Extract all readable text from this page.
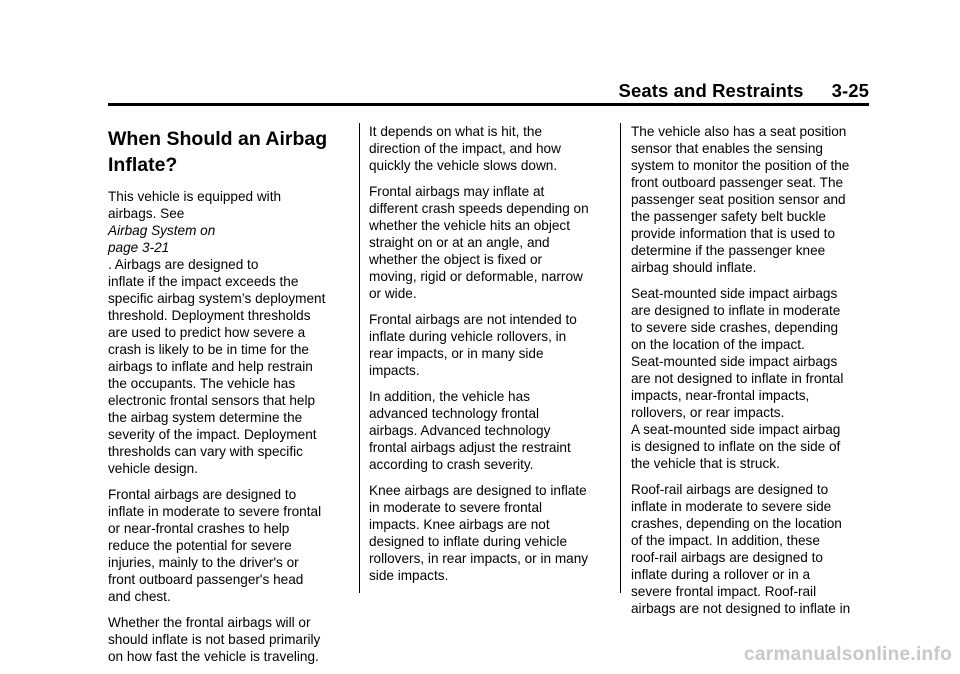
Seats and Restraints 3-25
When Should an Airbag
Inflate?

This vehicle is equipped with
airbags. See
Airbag System on
page 3-21
. Airbags are designed to
inflate if the impact exceeds the
specific airbag system’s deployment
threshold. Deployment thresholds
are used to predict how severe a
crash is likely to be in time for the
airbags to inflate and help restrain
the occupants. The vehicle has
electronic frontal sensors that help
the airbag system determine the
severity of the impact. Deployment
thresholds can vary with specific
vehicle design.

Frontal airbags are designed to
inflate in moderate to severe frontal
or near-frontal crashes to help
reduce the potential for severe
injuries, mainly to the driver's or
front outboard passenger's head
and chest.

Whether the frontal airbags will or
should inflate is not based primarily
on how fast the vehicle is traveling.

It depends on what is hit, the
direction of the impact, and how
quickly the vehicle slows down.

Frontal airbags may inflate at
different crash speeds depending on
whether the vehicle hits an object
straight on or at an angle, and
whether the object is fixed or
moving, rigid or deformable, narrow
or wide.

Frontal airbags are not intended to
inflate during vehicle rollovers, in
rear impacts, or in many side
impacts.

In addition, the vehicle has
advanced technology frontal
airbags. Advanced technology
frontal airbags adjust the restraint
according to crash severity.

Knee airbags are designed to inflate
in moderate to severe frontal
impacts. Knee airbags are not
designed to inflate during vehicle
rollovers, in rear impacts, or in many
side impacts.

The vehicle also has a seat position
sensor that enables the sensing
system to monitor the position of the
front outboard passenger seat. The
passenger seat position sensor and
the passenger safety belt buckle
provide information that is used to
determine if the passenger knee
airbag should inflate.

Seat-mounted side impact airbags
are designed to inflate in moderate
to severe side crashes, depending
on the location of the impact.
Seat-mounted side impact airbags
are not designed to inflate in frontal
impacts, near-frontal impacts,
rollovers, or rear impacts.
A seat-mounted side impact airbag
is designed to inflate on the side of
the vehicle that is struck.

Roof-rail airbags are designed to
inflate in moderate to severe side
crashes, depending on the location
of the impact. In addition, these
roof-rail airbags are designed to
inflate during a rollover or in a
severe frontal impact. Roof-rail
airbags are not designed to inflate in

carmanualsonline.info
